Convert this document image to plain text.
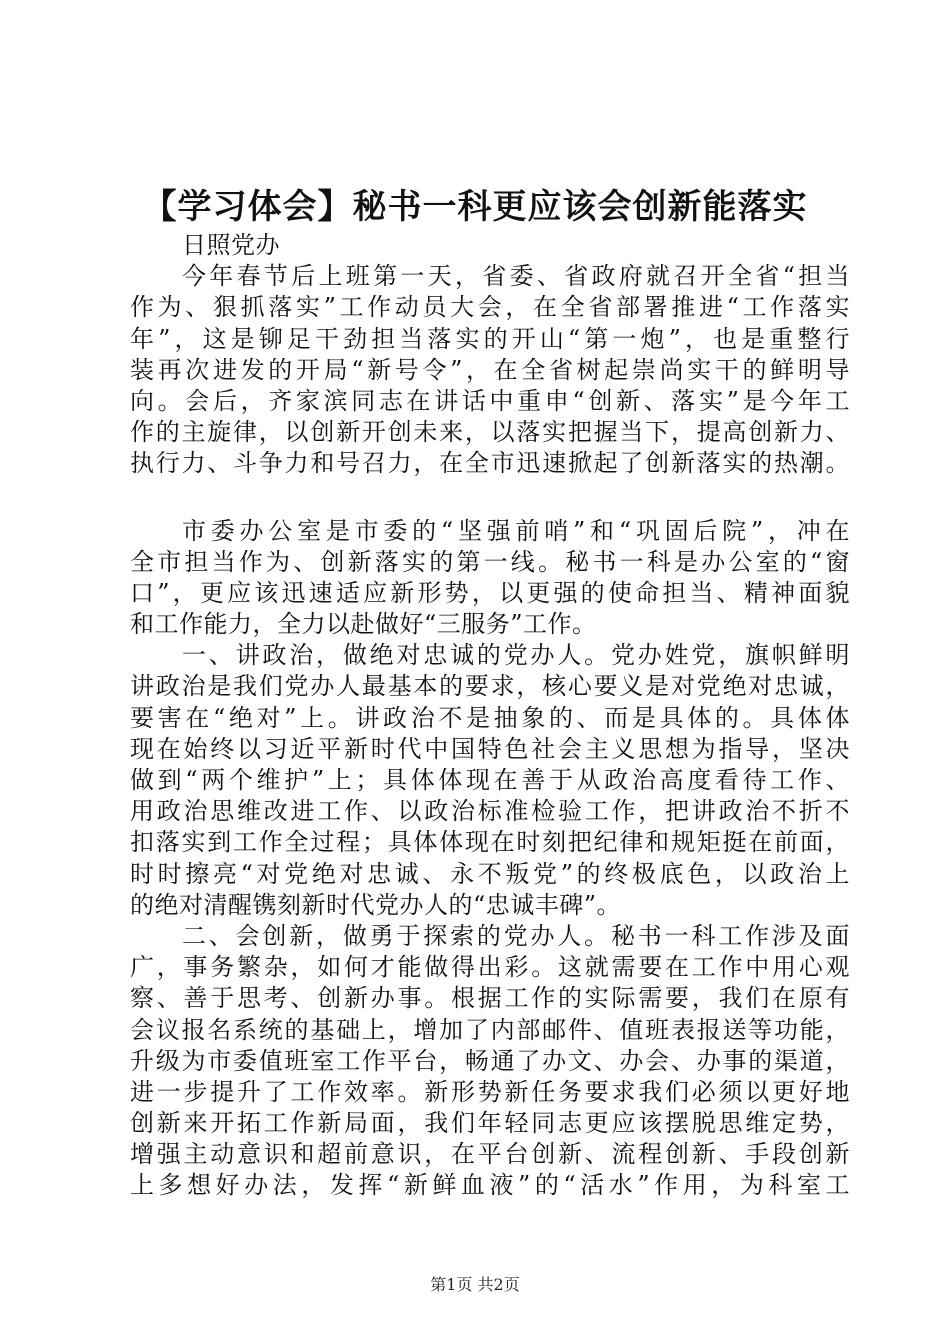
【学习体会】秘书一科更应该会创新能落实
日照党办
今年春节后上班第一天，省委、省政府就召开全省“担当
作为、狠抓落实”工作动员大会，在全省部署推进“工作落实
年”，这是铆足干劲担当落实的开山“第一炮”，也是重整行
装再次进发的开局“新号令”，在全省树起崇尚实干的鲜明导
向。会后，齐家滨同志在讲话中重申“创新、落实”是今年工
作的主旋律，以创新开创未来，以落实把握当下，提高创新力、
执行力、斗争力和号召力，在全市迅速掀起了创新落实的热潮。
市委办公室是市委的“坚强前哨”和“巩固后院”，冲在
全市担当作为、创新落实的第一线。秘书一科是办公室的“窗
口”，更应该迅速适应新形势，以更强的使命担当、精神面貌
和工作能力，全力以赴做好“三服务”工作。
一、讲政治，做绝对忠诚的党办人。党办姓党，旗帜鲜明
讲政治是我们党办人最基本的要求，核心要义是对党绝对忠诚，
要害在“绝对”上。讲政治不是抽象的、而是具体的。具体体
现在始终以习近平新时代中国特色社会主义思想为指导，坚决
做到“两个维护”上；具体体现在善于从政治高度看待工作、
用政治思维改进工作、以政治标准检验工作，把讲政治不折不
扣落实到工作全过程；具体体现在时刻把纪律和规矩挺在前面，
时时擦亮“对党绝对忠诚、永不叛党”的终极底色，以政治上
的绝对清醒镌刻新时代党办人的“忠诚丰碑”。
二、会创新，做勇于探索的党办人。秘书一科工作涉及面
广，事务繁杂，如何才能做得出彩。这就需要在工作中用心观
察、善于思考、创新办事。根据工作的实际需要，我们在原有
会议报名系统的基础上，增加了内部邮件、值班表报送等功能，
升级为市委值班室工作平台，畅通了办文、办会、办事的渠道，
进一步提升了工作效率。新形势新任务要求我们必须以更好地
创新来开拓工作新局面，我们年轻同志更应该摆脱思维定势，
增强主动意识和超前意识，在平台创新、流程创新、手段创新
上多想好办法，发挥“新鲜血液”的“活水”作用，为科室工
第1页 共2页
